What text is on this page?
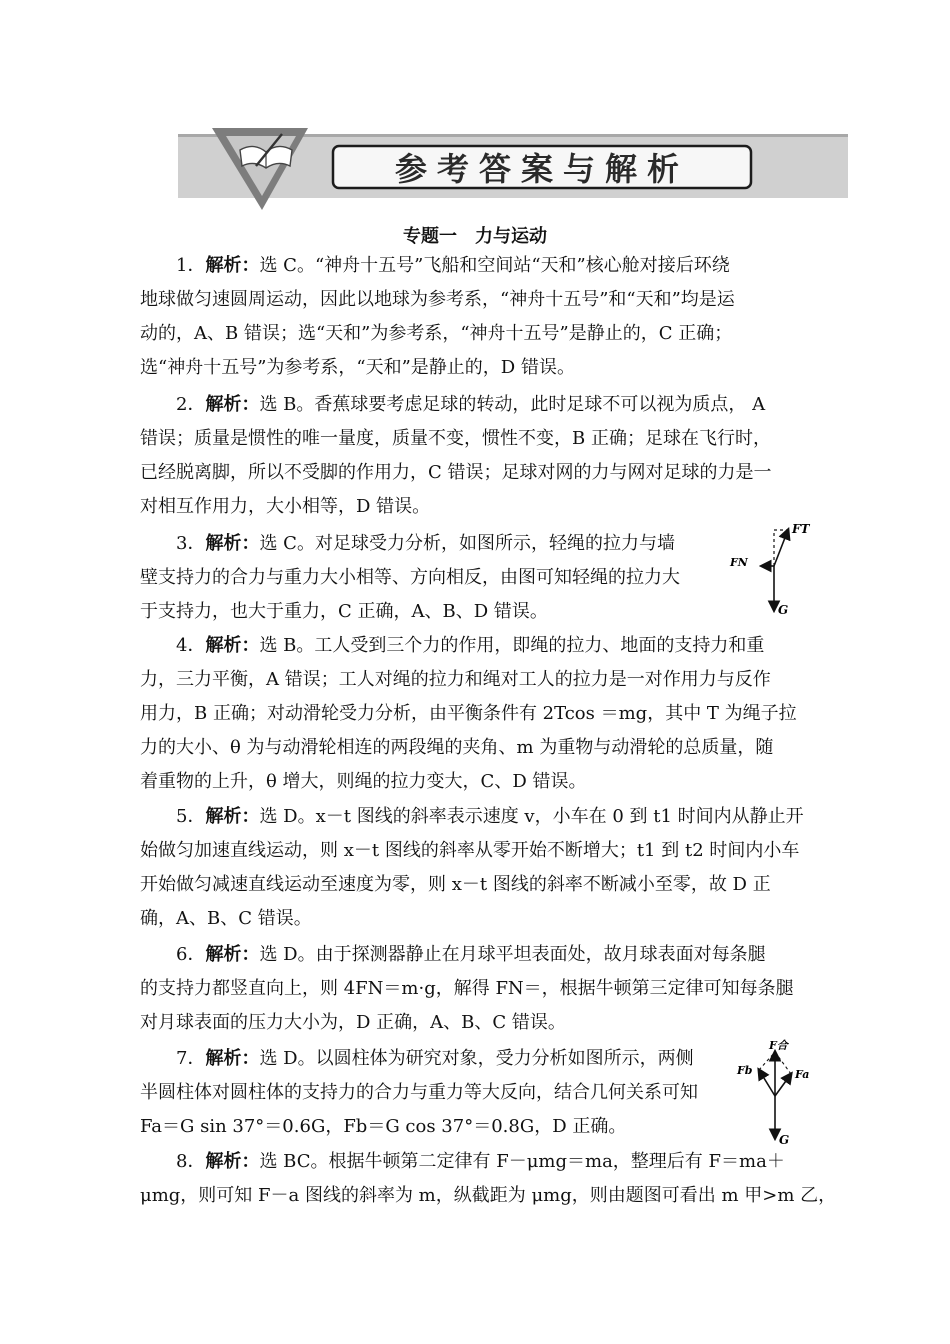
参考答案与解析
专题一　力与运动
1．解析：选 C。“神舟十五号”飞船和空间站“天和”核心舱对接后环绕
地球做匀速圆周运动，因此以地球为参考系，“神舟十五号”和“天和”均是运
动的，A、B 错误；选“天和”为参考系，“神舟十五号”是静止的，C 正确；
选“神舟十五号”为参考系，“天和”是静止的，D 错误。
2．解析：选 B。香蕉球要考虑足球的转动，此时足球不可以视为质点， A
错误；质量是惯性的唯一量度，质量不变，惯性不变，B 正确；足球在飞行时，
已经脱离脚，所以不受脚的作用力，C 错误；足球对网的力与网对足球的力是一
对相互作用力，大小相等，D 错误。
3．解析：选 C。对足球受力分析，如图所示，轻绳的拉力与墙
壁支持力的合力与重力大小相等、方向相反，由图可知轻绳的拉力大
于支持力，也大于重力，C 正确，A、B、D 错误。
FT
FN
G
4．解析：选 B。工人受到三个力的作用，即绳的拉力、地面的支持力和重
力，三力平衡，A 错误；工人对绳的拉力和绳对工人的拉力是一对作用力与反作
用力，B 正确；对动滑轮受力分析，由平衡条件有 2Tcos ＝mg，其中 T 为绳子拉
力的大小、θ 为与动滑轮相连的两段绳的夹角、m 为重物与动滑轮的总质量，随
着重物的上升，θ 增大，则绳的拉力变大，C、D 错误。
5．解析：选 D。x－t 图线的斜率表示速度 v，小车在 0 到 t1 时间内从静止开
始做匀加速直线运动，则 x－t 图线的斜率从零开始不断增大；t1 到 t2 时间内小车
开始做匀减速直线运动至速度为零，则 x－t 图线的斜率不断减小至零，故 D 正
确，A、B、C 错误。
6．解析：选 D。由于探测器静止在月球平坦表面处，故月球表面对每条腿
的支持力都竖直向上，则 4FN＝m·g，解得 FN＝，根据牛顿第三定律可知每条腿
对月球表面的压力大小为，D 正确，A、B、C 错误。
7．解析：选 D。以圆柱体为研究对象，受力分析如图所示，两侧
半圆柱体对圆柱体的支持力的合力与重力等大反向，结合几何关系可知
Fa＝G sin 37°＝0.6G，Fb＝G cos 37°＝0.8G，D 正确。
F合
Fb	Fa
G
8．解析：选 BC。根据牛顿第二定律有 F－μmg＝ma，整理后有 F＝ma＋
μmg，则可知 F－a 图线的斜率为 m，纵截距为 μmg，则由题图可看出 m 甲>m 乙，
